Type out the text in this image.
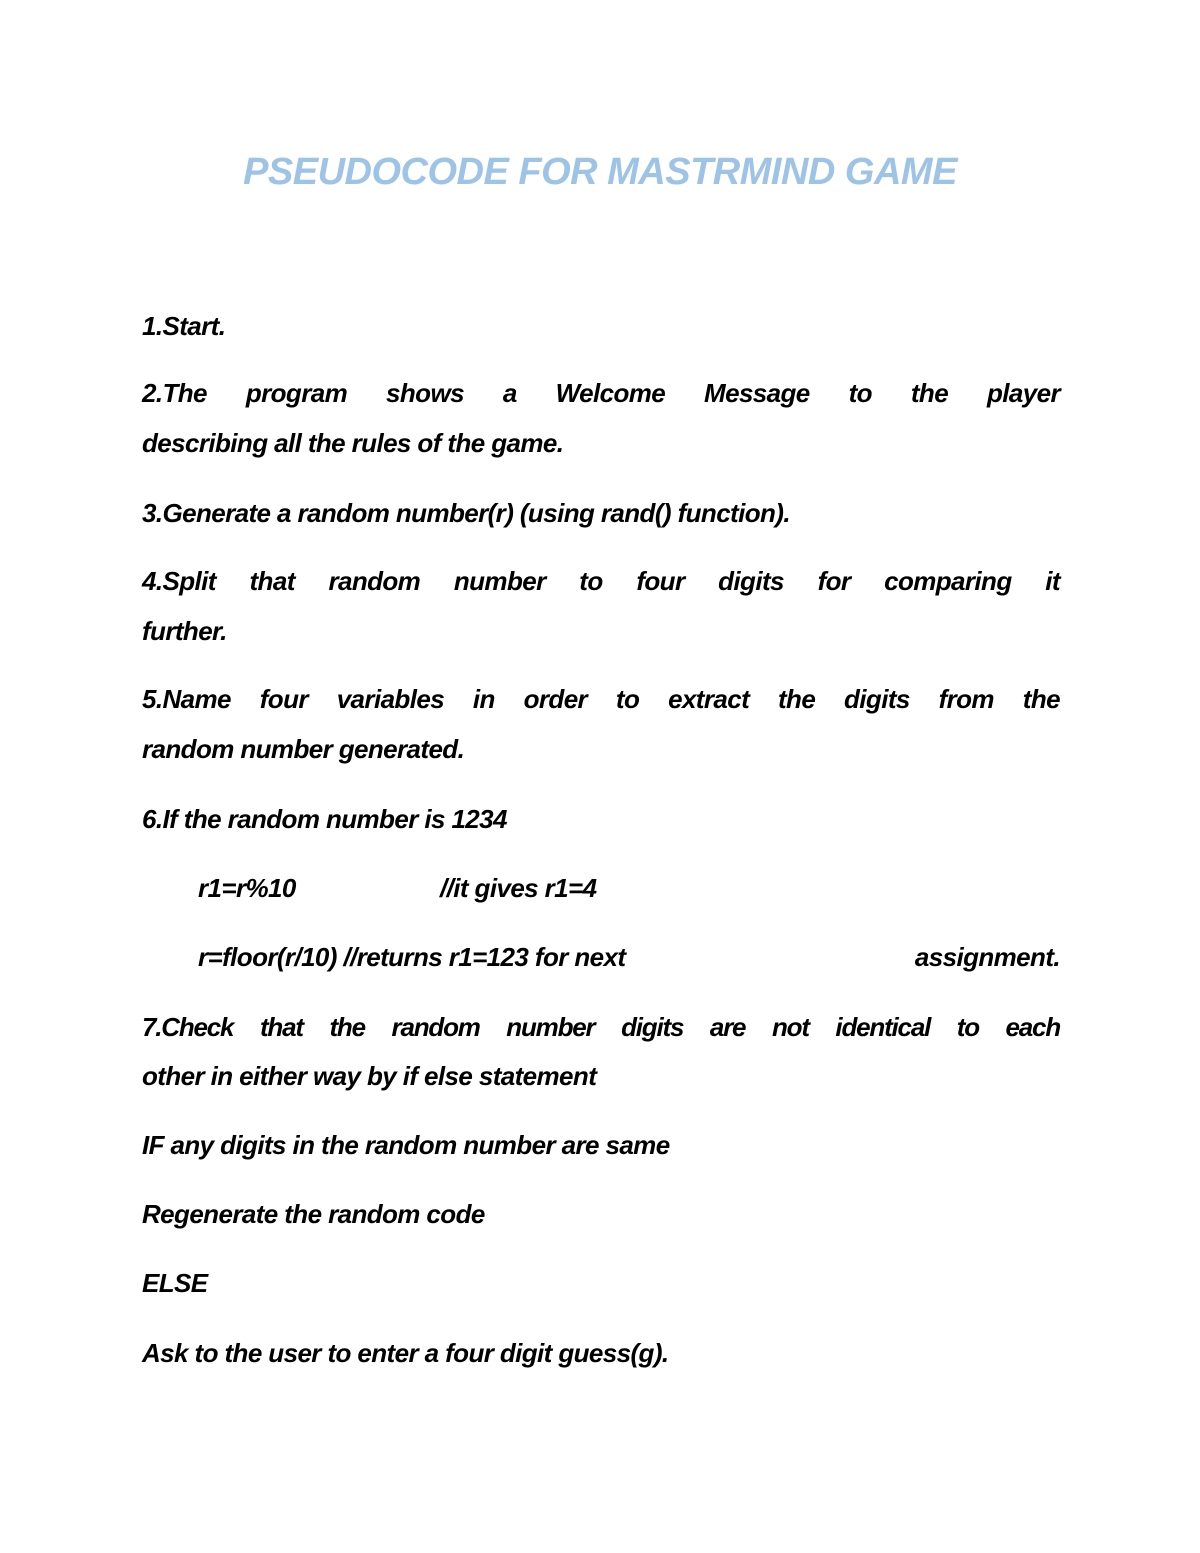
PSEUDOCODE FOR MASTRMIND GAME
1.Start.
2.The program shows a Welcome Message to the player
describing all the rules of the game.
3.Generate a random number(r) (using rand() function).
4.Split that random number to four digits for comparing it
further.
5.Name four variables in order to extract the digits from the
random number generated.
6.If the random number is 1234
r1=r%10	//it gives r1=4
r=floor(r/10) //returns r1=123 for next	assignment.
7.Check that the random number digits are not identical to each
other in either way by if else statement
IF any digits in the random number are same
Regenerate the random code
ELSE
Ask to the user to enter a four digit guess(g).
